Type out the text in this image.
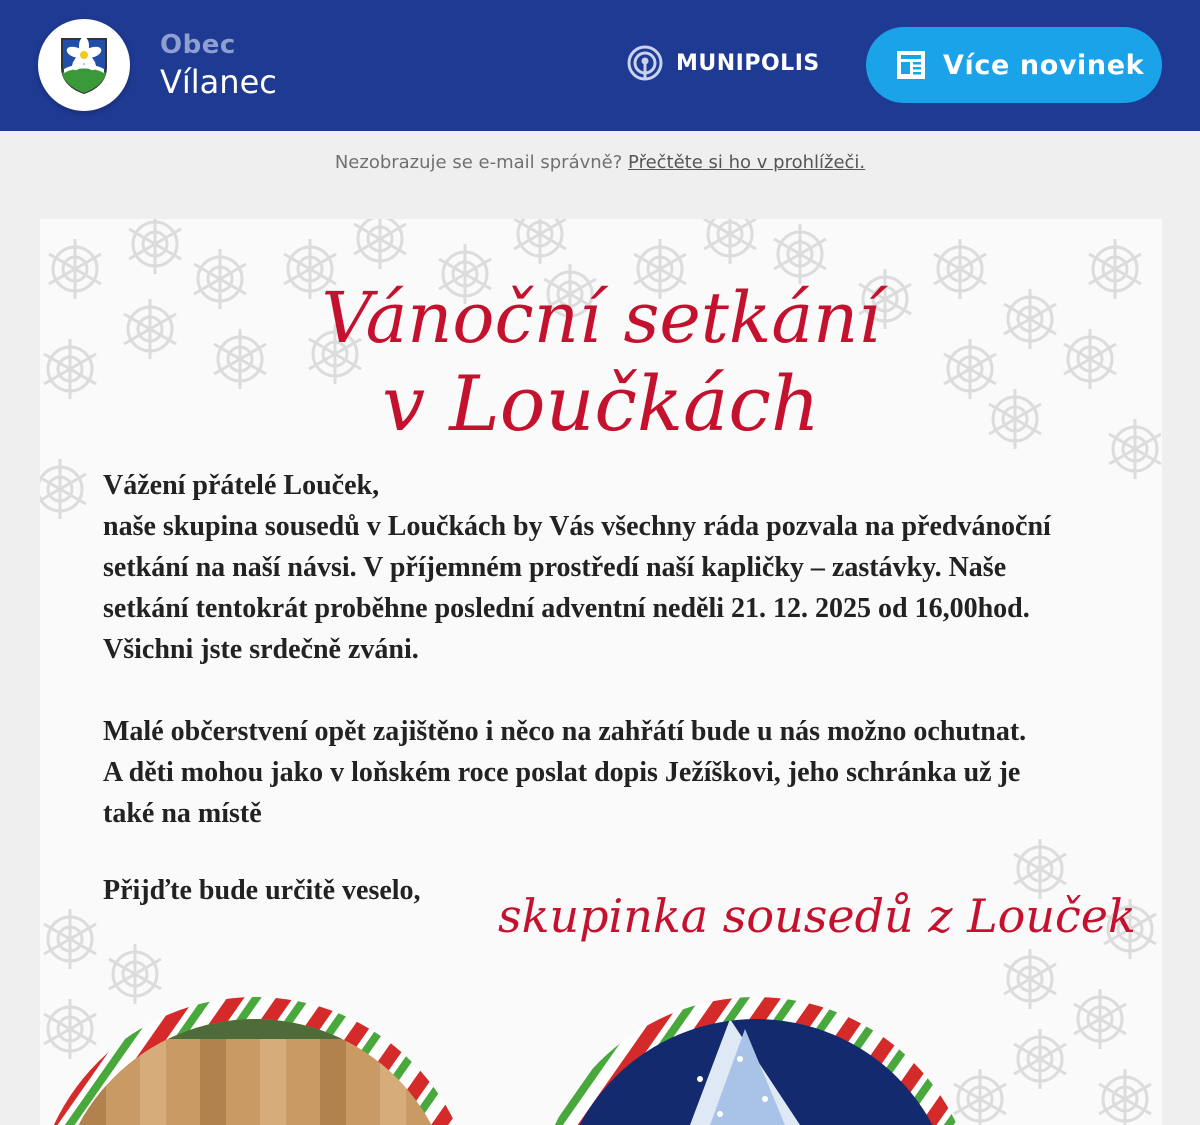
Obec
Vílanec	MUNIPOLIS	Více novinek
Nezobrazuje se e-mail správně? Přečtěte si ho v prohlížeči.
Vánoční setkání
v Loučkách
Vážení přátelé Louček,
naše skupina sousedů v Loučkách by Vás všechny ráda pozvala na předvánoční
setkání na naší návsi. V příjemném prostředí naší kapličky – zastávky. Naše
setkání tentokrát proběhne poslední adventní neděli 21. 12. 2025 od 16,00hod.
Všichni jste srdečně zváni.
Malé občerstvení opět zajištěno i něco na zahřátí bude u nás možno ochutnat.
A děti mohou jako v loňském roce poslat dopis Ježíškovi, jeho schránka už je
také na místě
Přijďte bude určitě veselo, skupinka sousedů z Louček
